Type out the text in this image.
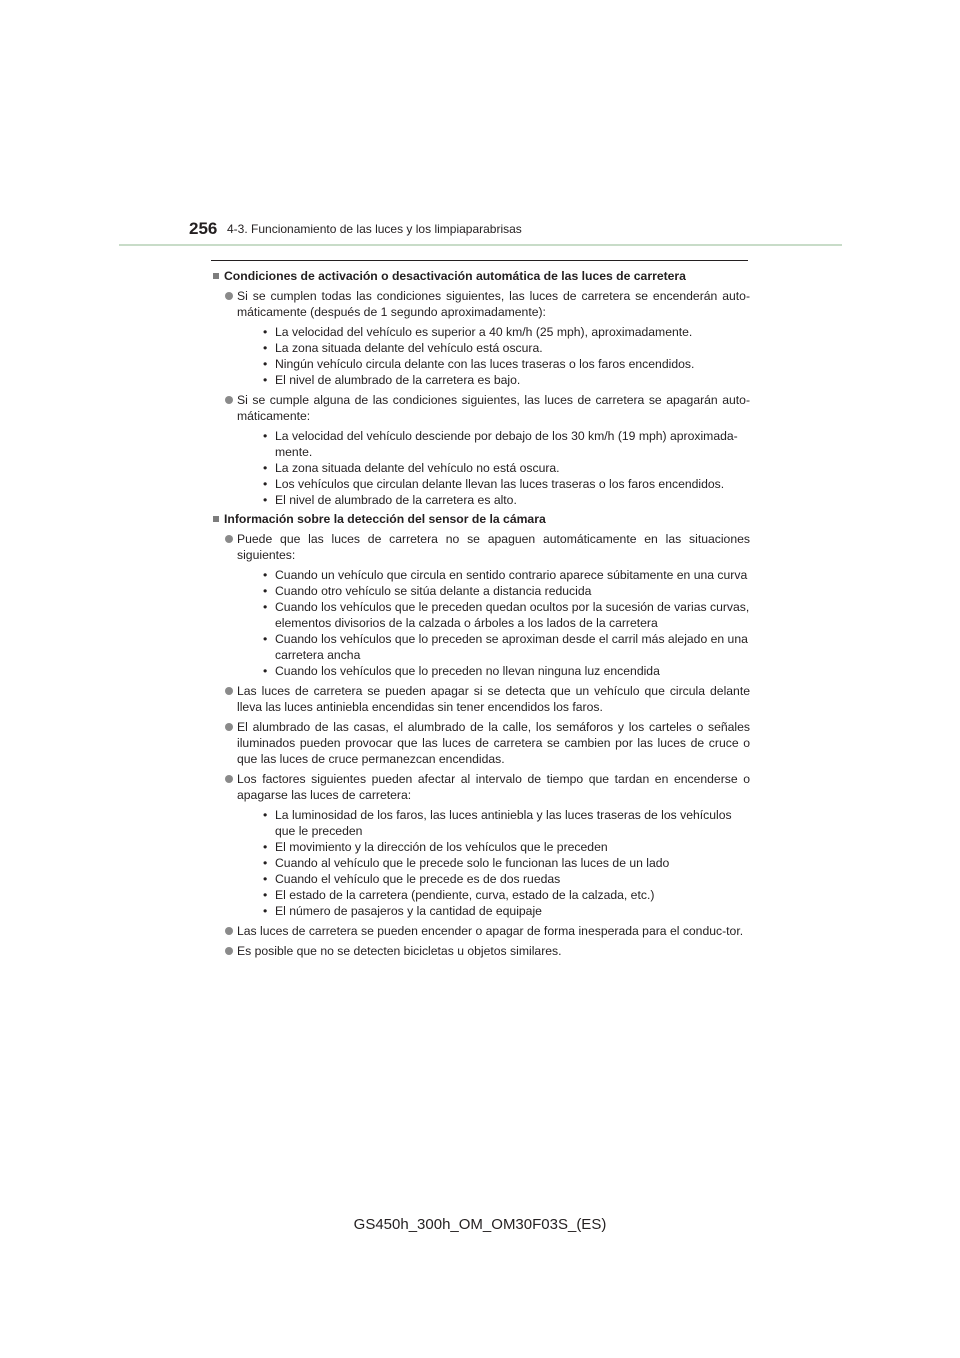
256 4-3. Funcionamiento de las luces y los limpiaparabrisas
Condiciones de activación o desactivación automática de las luces de carretera
Si se cumplen todas las condiciones siguientes, las luces de carretera se encenderán auto-máticamente (después de 1 segundo aproximadamente):
• La velocidad del vehículo es superior a 40 km/h (25 mph), aproximadamente.
• La zona situada delante del vehículo está oscura.
• Ningún vehículo circula delante con las luces traseras o los faros encendidos.
• El nivel de alumbrado de la carretera es bajo.
Si se cumple alguna de las condiciones siguientes, las luces de carretera se apagarán auto-máticamente:
• La velocidad del vehículo desciende por debajo de los 30 km/h (19 mph) aproximada-mente.
• La zona situada delante del vehículo no está oscura.
• Los vehículos que circulan delante llevan las luces traseras o los faros encendidos.
• El nivel de alumbrado de la carretera es alto.
Información sobre la detección del sensor de la cámara
Puede que las luces de carretera no se apaguen automáticamente en las situaciones siguientes:
• Cuando un vehículo que circula en sentido contrario aparece súbitamente en una curva
• Cuando otro vehículo se sitúa delante a distancia reducida
• Cuando los vehículos que le preceden quedan ocultos por la sucesión de varias curvas, elementos divisorios de la calzada o árboles a los lados de la carretera
• Cuando los vehículos que lo preceden se aproximan desde el carril más alejado en una carretera ancha
• Cuando los vehículos que lo preceden no llevan ninguna luz encendida
Las luces de carretera se pueden apagar si se detecta que un vehículo que circula delante lleva las luces antiniebla encendidas sin tener encendidos los faros.
El alumbrado de las casas, el alumbrado de la calle, los semáforos y los carteles o señales iluminados pueden provocar que las luces de carretera se cambien por las luces de cruce o que las luces de cruce permanezcan encendidas.
Los factores siguientes pueden afectar al intervalo de tiempo que tardan en encenderse o apagarse las luces de carretera:
• La luminosidad de los faros, las luces antiniebla y las luces traseras de los vehículos que le preceden
• El movimiento y la dirección de los vehículos que le preceden
• Cuando al vehículo que le precede solo le funcionan las luces de un lado
• Cuando el vehículo que le precede es de dos ruedas
• El estado de la carretera (pendiente, curva, estado de la calzada, etc.)
• El número de pasajeros y la cantidad de equipaje
Las luces de carretera se pueden encender o apagar de forma inesperada para el conduc-tor.
Es posible que no se detecten bicicletas u objetos similares.
GS450h_300h_OM_OM30F03S_(ES)
